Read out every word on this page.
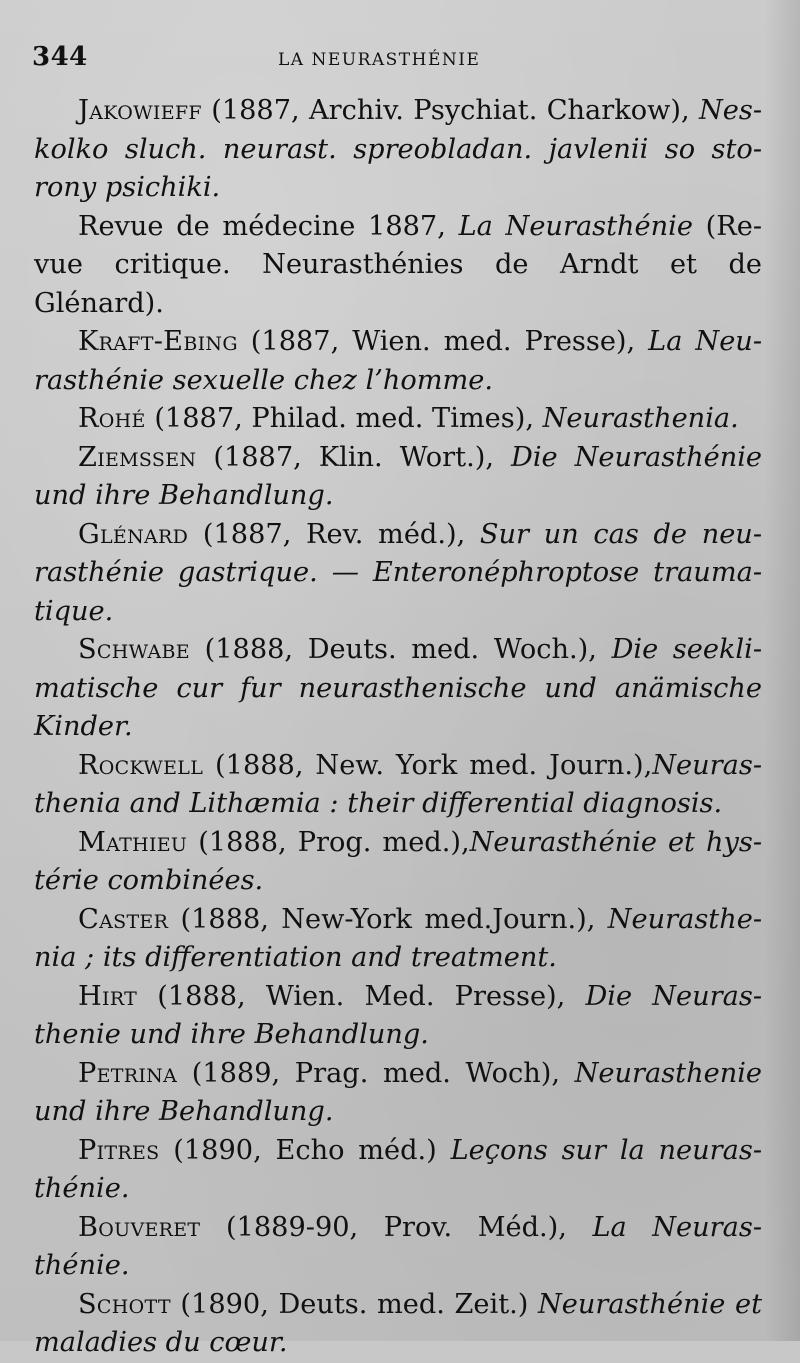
344	LA NEURASTHÉNIE

Jakowieff (1887, Archiv. Psychiat. Charkow), Neskolko sluch. neurast. spreobladan. javlenii so storony psichiki.

Revue de médecine 1887, La Neurasthénie (Revue critique. Neurasthénies de Arndt et de Glénard).

Kraft-Ebing (1887, Wien. med. Presse), La Neurasthénie sexuelle chez l’homme.

Rohé (1887, Philad. med. Times), Neurasthenia.

Ziemssen (1887, Klin. Wort.), Die Neurasthénie und ihre Behandlung.

Glénard (1887, Rev. méd.), Sur un cas de neurasthénie gastrique. — Enteronéphroptose traumatique.

Schwabe (1888, Deuts. med. Woch.), Die seeklimatische cur fur neurasthenische und anämische Kinder.

Rockwell (1888, New. York med. Journ.),Neurasthenia and Lithæmia : their differential diagnosis.

Mathieu (1888, Prog. med.),Neurasthénie et hystérie combinées.

Caster (1888, New-York med.Journ.), Neurasthenia ; its differentiation and treatment.

Hirt (1888, Wien. Med. Presse), Die Neurasthenie und ihre Behandlung.

Petrina (1889, Prag. med. Woch), Neurasthenie und ihre Behandlung.

Pitres (1890, Echo méd.) Leçons sur la neurasthénie.

Bouveret (1889-90, Prov. Méd.), La Neurasthénie.

Schott (1890, Deuts. med. Zeit.) Neurasthénie et maladies du cœur.
